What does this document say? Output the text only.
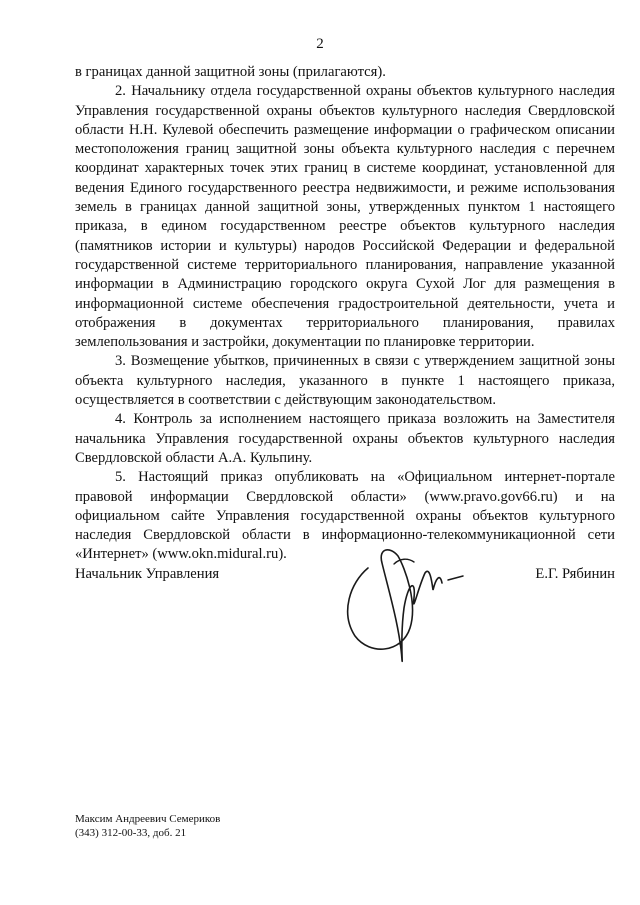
2

в границах данной защитной зоны (прилагаются).

2. Начальнику отдела государственной охраны объектов культурного наследия Управления государственной охраны объектов культурного наследия Свердловской области Н.Н. Кулевой обеспечить размещение информации о графическом описании местоположения границ защитной зоны объекта культурного наследия с перечнем координат характерных точек этих границ в системе координат, установленной для ведения Единого государственного реестра недвижимости, и режиме использования земель в границах данной защитной зоны, утвержденных пунктом 1 настоящего приказа, в едином государственном реестре объектов культурного наследия (памятников истории и культуры) народов Российской Федерации и федеральной государственной системе территориального планирования, направление указанной информации в Администрацию городского округа Сухой Лог для размещения в информационной системе обеспечения градостроительной деятельности, учета и отображения в документах территориального планирования, правилах землепользования и застройки, документации по планировке территории.

3. Возмещение убытков, причиненных в связи с утверждением защитной зоны объекта культурного наследия, указанного в пункте 1 настоящего приказа, осуществляется в соответствии с действующим законодательством.

4. Контроль за исполнением настоящего приказа возложить на Заместителя начальника Управления государственной охраны объектов культурного наследия Свердловской области А.А. Кульпину.

5. Настоящий приказ опубликовать на «Официальном интернет-портале правовой информации Свердловской области» (www.pravo.gov66.ru) и на официальном сайте Управления государственной охраны объектов культурного наследия Свердловской области в информационно-телекоммуникационной сети «Интернет» (www.okn.midural.ru).

Начальник Управления	Е.Г. Рябинин
Максим Андреевич Семериков
(343) 312-00-33, доб. 21
